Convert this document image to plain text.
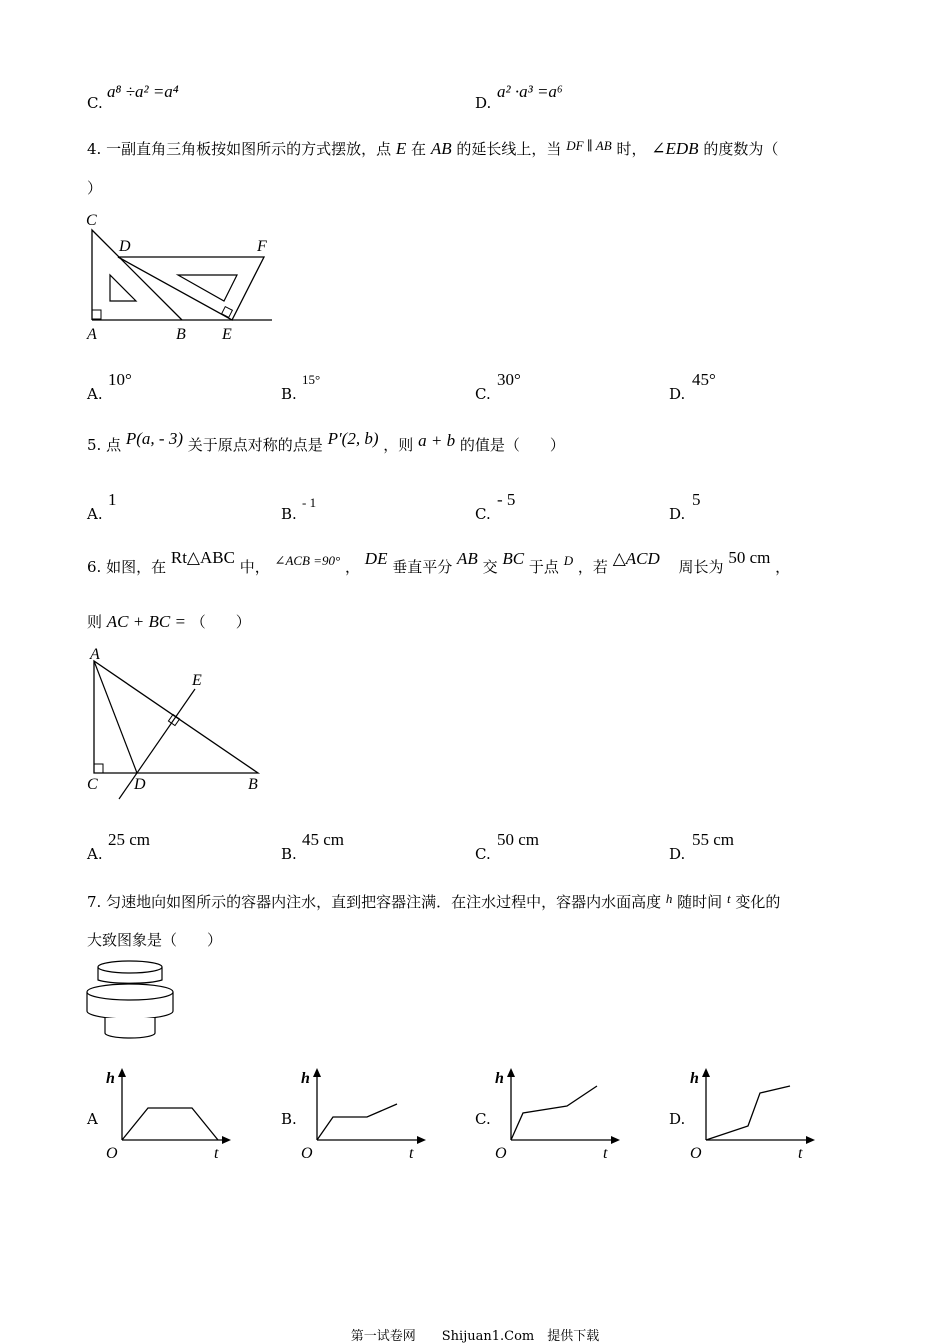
C.
a⁸ ÷a² =a⁴
D.
a² ·a³ =a⁶
4. 一副直角三角板按如图所示的方式摆放，点 E 在 AB 的延长线上，当 DF ∥ AB 时， ∠EDB 的度数为（
）
C
D	F
A	B E
A.
10°
B.
15°
C.
30°
D.
45°
5. 点 P(a, - 3) 关于原点对称的点是 P′(2, b) ，则 a + b 的值是（　　）
A.
1
B.
- 1
C.
- 5
D.
5
6. 如图，在 Rt△ABC 中， ∠ACB =90° ， DE 垂直平分 AB 交 BC 于点 D ，若 △ACD 周长为 50 cm ，
则 AC + BC = （　　）
A
E
C D	B
A.
25 cm
B.
45 cm
C.
50 cm
D.
55 cm
7. 匀速地向如图所示的容器内注水，直到把容器注满．在注水过程中，容器内水面高度 h 随时间 t 变化的
大致图象是（　　）
A
h
O	t
B.
h
O	t
C.
h
O	t
D.
h
O	t
第一试卷网　　Shijuan1.Com　提供下载
